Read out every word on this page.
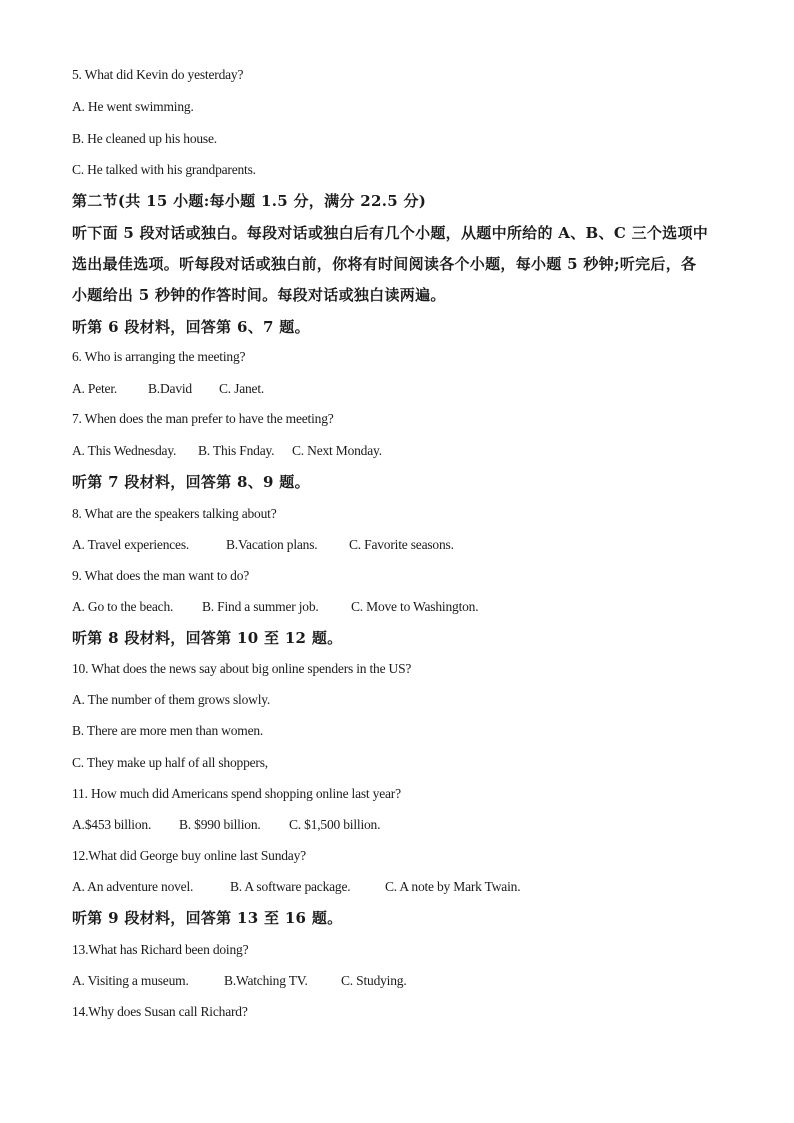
5. What did Kevin do yesterday?
A. He went swimming.
B. He cleaned up his house.
C. He talked with his grandparents.
第二节(共 15 小题:每小题 1.5 分，满分 22.5 分)
听下面 5 段对话或独白。每段对话或独白后有几个小题，从题中所给的 A、B、C 三个选项中
选出最佳选项。听每段对话或独白前，你将有时间阅读各个小题，每小题 5 秒钟;听完后，各
小题给出 5 秒钟的作答时间。每段对话或独白读两遍。
听第 6 段材料，回答第 6、7 题。
6. Who is arranging the meeting?
A. Peter. B.David C. Janet.
7. When does the man prefer to have the meeting?
A. This Wednesday. B. This Fnday. C. Next Monday.
听第 7 段材料，回答第 8、9 题。
8. What are the speakers talking about?
A. Travel experiences.	B.Vacation plans. C. Favorite seasons.
9. What does the man want to do?
A. Go to the beach. B. Find a summer job. C. Move to Washington.
听第 8 段材料，回答第 10 至 12 题。
10. What does the news say about big online spenders in the US?
A. The number of them grows slowly.
B. There are more men than women.
C. They make up half of all shoppers,
11. How much did Americans spend shopping online last year?
A.$453 billion. B. $990 billion. C. $1,500 billion.
12.What did George buy online last Sunday?
A. An adventure novel.	B. A software package.	C. A note by Mark Twain.
听第 9 段材料，回答第 13 至 16 题。
13.What has Richard been doing?
A. Visiting a museum.	B.Watching TV. C. Studying.
14.Why does Susan call Richard?
